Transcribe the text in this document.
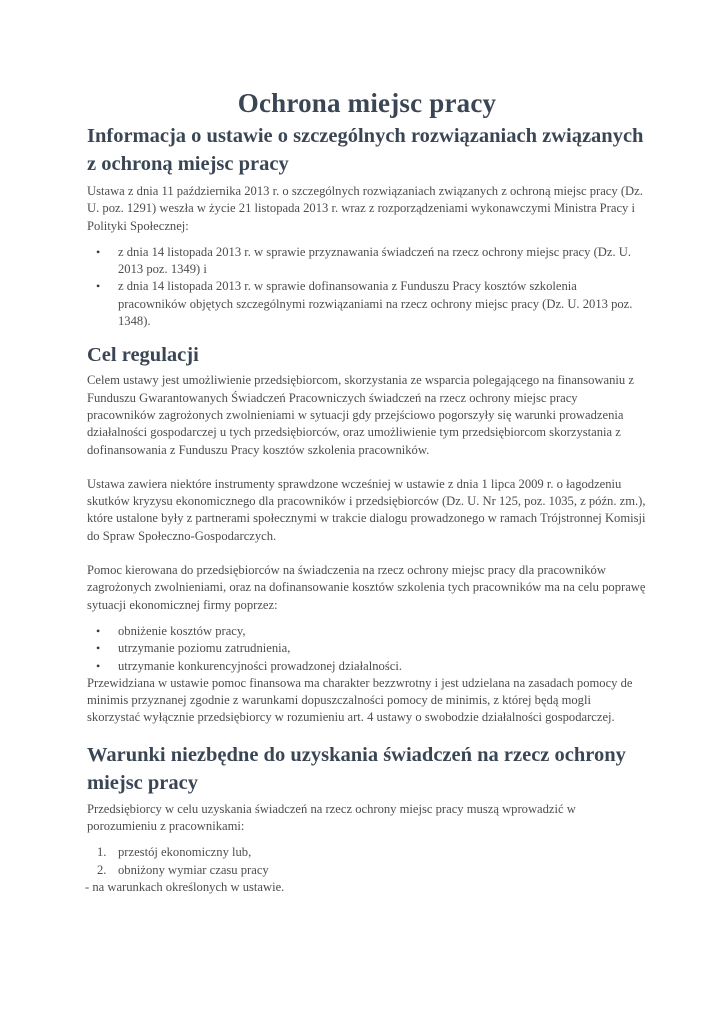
Ochrona miejsc pracy
Informacja o ustawie o szczególnych rozwiązaniach związanych z ochroną miejsc pracy

Ustawa z dnia 11 października 2013 r. o szczególnych rozwiązaniach związanych z ochroną miejsc pracy (Dz. U. poz. 1291) weszła w życie 21 listopada 2013 r. wraz z rozporządzeniami wykonawczymi Ministra Pracy i Polityki Społecznej:

• z dnia 14 listopada 2013 r. w sprawie przyznawania świadczeń na rzecz ochrony miejsc pracy (Dz. U. 2013 poz. 1349) i
• z dnia 14 listopada 2013 r. w sprawie dofinansowania z Funduszu Pracy kosztów szkolenia pracowników objętych szczególnymi rozwiązaniami na rzecz ochrony miejsc pracy (Dz. U. 2013 poz. 1348).
Cel regulacji

Celem ustawy jest umożliwienie przedsiębiorcom, skorzystania ze wsparcia polegającego na finansowaniu z Funduszu Gwarantowanych Świadczeń Pracowniczych świadczeń na rzecz ochrony miejsc pracy pracowników zagrożonych zwolnieniami w sytuacji gdy przejściowo pogorszyły się warunki prowadzenia działalności gospodarczej u tych przedsiębiorców, oraz umożliwienie tym przedsiębiorcom skorzystania z dofinansowania z Funduszu Pracy kosztów szkolenia pracowników.

Ustawa zawiera niektóre instrumenty sprawdzone wcześniej w ustawie z dnia 1 lipca 2009 r. o łagodzeniu skutków kryzysu ekonomicznego dla pracowników i przedsiębiorców (Dz. U. Nr 125, poz. 1035, z późn. zm.), które ustalone były z partnerami społecznymi w trakcie dialogu prowadzonego w ramach Trójstronnej Komisji do Spraw Społeczno-Gospodarczych.

Pomoc kierowana do przedsiębiorców na świadczenia na rzecz ochrony miejsc pracy dla pracowników zagrożonych zwolnieniami, oraz na dofinansowanie kosztów szkolenia tych pracowników ma na celu poprawę sytuacji ekonomicznej firmy poprzez:

• obniżenie kosztów pracy,
• utrzymanie poziomu zatrudnienia,
• utrzymanie konkurencyjności prowadzonej działalności.

Przewidziana w ustawie pomoc finansowa ma charakter bezzwrotny i jest udzielana na zasadach pomocy de minimis przyznanej zgodnie z warunkami dopuszczalności pomocy de minimis, z której będą mogli skorzystać wyłącznie przedsiębiorcy w rozumieniu art. 4 ustawy o swobodzie działalności gospodarczej.

Warunki niezbędne do uzyskania świadczeń na rzecz ochrony miejsc pracy

Przedsiębiorcy w celu uzyskania świadczeń na rzecz ochrony miejsc pracy muszą wprowadzić w porozumieniu z pracownikami:

1. przestój ekonomiczny lub,
2. obniżony wymiar czasu pracy

- na warunkach określonych w ustawie.
